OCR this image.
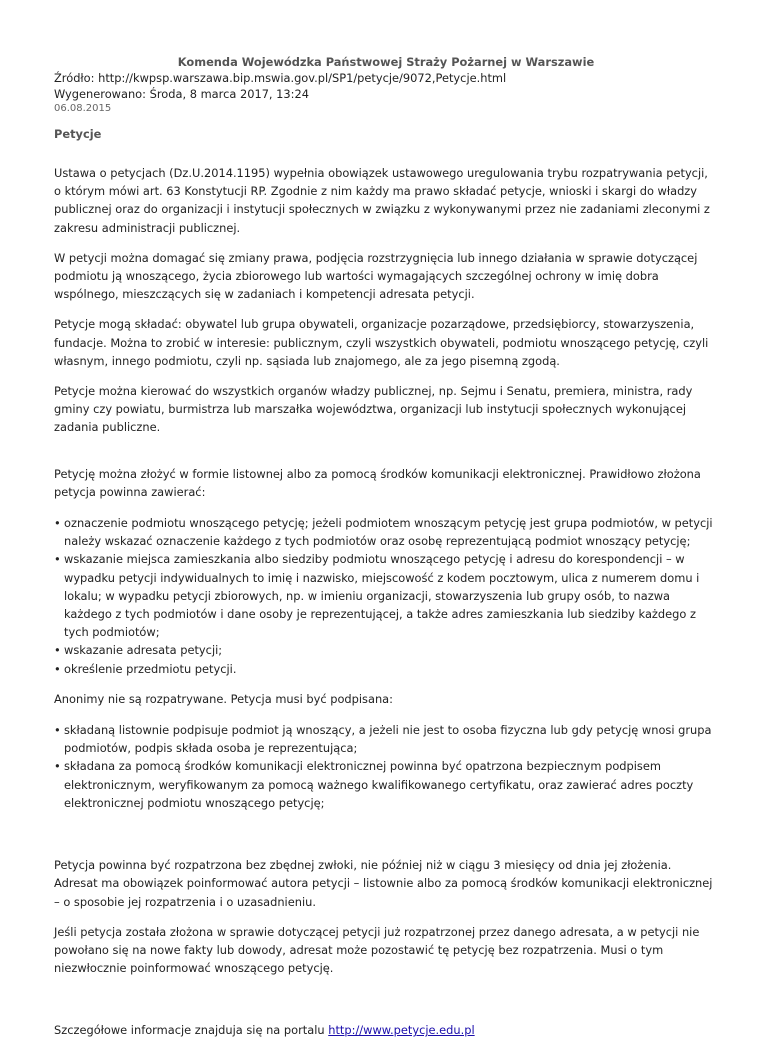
Komenda Wojewódzka Państwowej Straży Pożarnej w Warszawie
Źródło: http://kwpsp.warszawa.bip.mswia.gov.pl/SP1/petycje/9072,Petycje.html
Wygenerowano: Środa, 8 marca 2017, 13:24
06.08.2015
Petycje

Ustawa o petycjach (Dz.U.2014.1195) wypełnia obowiązek ustawowego uregulowania trybu rozpatrywania petycji, o którym mówi art. 63 Konstytucji RP. Zgodnie z nim każdy ma prawo składać petycje, wnioski i skargi do władzy publicznej oraz do organizacji i instytucji społecznych w związku z wykonywanymi przez nie zadaniami zleconymi z zakresu administracji publicznej.

W petycji można domagać się zmiany prawa, podjęcia rozstrzygnięcia lub innego działania w sprawie dotyczącej podmiotu ją wnoszącego, życia zbiorowego lub wartości wymagających szczególnej ochrony w imię dobra wspólnego, mieszczących się w zadaniach i kompetencji adresata petycji.

Petycje mogą składać: obywatel lub grupa obywateli, organizacje pozarządowe, przedsiębiorcy, stowarzyszenia, fundacje. Można to zrobić w interesie: publicznym, czyli wszystkich obywateli, podmiotu wnoszącego petycję, czyli własnym, innego podmiotu, czyli np. sąsiada lub znajomego, ale za jego pisemną zgodą.

Petycje można kierować do wszystkich organów władzy publicznej, np. Sejmu i Senatu, premiera, ministra, rady gminy czy powiatu, burmistrza lub marszałka województwa, organizacji lub instytucji społecznych wykonującej zadania publiczne.

Petycję można złożyć w formie listownej albo za pomocą środków komunikacji elektronicznej. Prawidłowo złożona petycja powinna zawierać:

• oznaczenie podmiotu wnoszącego petycję; jeżeli podmiotem wnoszącym petycję jest grupa podmiotów, w petycji należy wskazać oznaczenie każdego z tych podmiotów oraz osobę reprezentującą podmiot wnoszący petycję;
• wskazanie miejsca zamieszkania albo siedziby podmiotu wnoszącego petycję i adresu do korespondencji – w wypadku petycji indywidualnych to imię i nazwisko, miejscowość z kodem pocztowym, ulica z numerem domu i lokalu; w wypadku petycji zbiorowych, np. w imieniu organizacji, stowarzyszenia lub grupy osób, to nazwa każdego z tych podmiotów i dane osoby je reprezentującej, a także adres zamieszkania lub siedziby każdego z tych podmiotów;
• wskazanie adresata petycji;
• określenie przedmiotu petycji.

Anonimy nie są rozpatrywane. Petycja musi być podpisana:

• składaną listownie podpisuje podmiot ją wnoszący, a jeżeli nie jest to osoba fizyczna lub gdy petycję wnosi grupa podmiotów, podpis składa osoba je reprezentująca;
• składana za pomocą środków komunikacji elektronicznej powinna być opatrzona bezpiecznym podpisem elektronicznym, weryfikowanym za pomocą ważnego kwalifikowanego certyfikatu, oraz zawierać adres poczty elektronicznej podmiotu wnoszącego petycję;

Petycja powinna być rozpatrzona bez zbędnej zwłoki, nie później niż w ciągu 3 miesięcy od dnia jej złożenia. Adresat ma obowiązek poinformować autora petycji – listownie albo za pomocą środków komunikacji elektronicznej – o sposobie jej rozpatrzenia i o uzasadnieniu.

Jeśli petycja została złożona w sprawie dotyczącej petycji już rozpatrzonej przez danego adresata, a w petycji nie powołano się na nowe fakty lub dowody, adresat może pozostawić tę petycję bez rozpatrzenia. Musi o tym niezwłocznie poinformować wnoszącego petycję.

Szczegółowe informacje znajduja się na portalu http://www.petycje.edu.pl
